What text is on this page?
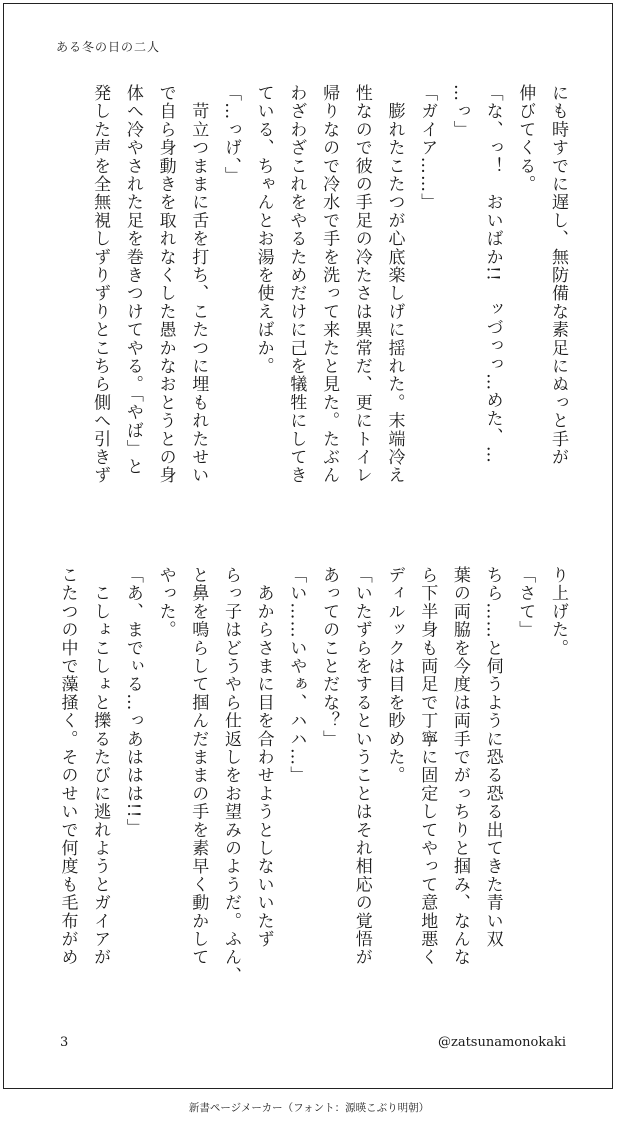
ある冬の日の二人
にも時すでに遅し、無防備な素足にぬっと手が
伸びてくる。
「な、っ！　おいばか!!　ッづっっ…めた、…
…っ」
「ガイア……」
　膨れたこたつが心底楽しげに揺れた。末端冷え
性なので彼の手足の冷たさは異常だ、更にトイレ
帰りなので冷水で手を洗って来たと見た。たぶん
わざわざこれをやるためだけに己を犠牲にしてき
ている、ちゃんとお湯を使えばか。
「…っげ、」
　苛立つままに舌を打ち、こたつに埋もれたせい
で自ら身動きを取れなくした愚かなおとうとの身
体へ冷やされた足を巻きつけてやる。「やば」と
発した声を全無視しずりずりとこちら側へ引きず
り上げた。
「さて」
ちら……と伺うように恐る恐る出てきた青い双
葉の両脇を今度は両手でがっちりと掴み、なんな
ら下半身も両足で丁寧に固定してやって意地悪く
ディルックは目を眇めた。
「いたずらをするということはそれ相応の覚悟が
あってのことだな？」
「い……いやぁ、ハハ…」
　あからさまに目を合わせようとしないいたず
らっ子はどうやら仕返しをお望みのようだ。ふん、
と鼻を鳴らして掴んだままの手を素早く動かして
やった。
「あ、までぃる…っあははは!!」
　こしょこしょと擽るたびに逃れようとガイアが
こたつの中で藻掻く。そのせいで何度も毛布がめ
3	@zatsunamonokaki
新書ページメーカー（フォント：源暎こぶり明朝）
